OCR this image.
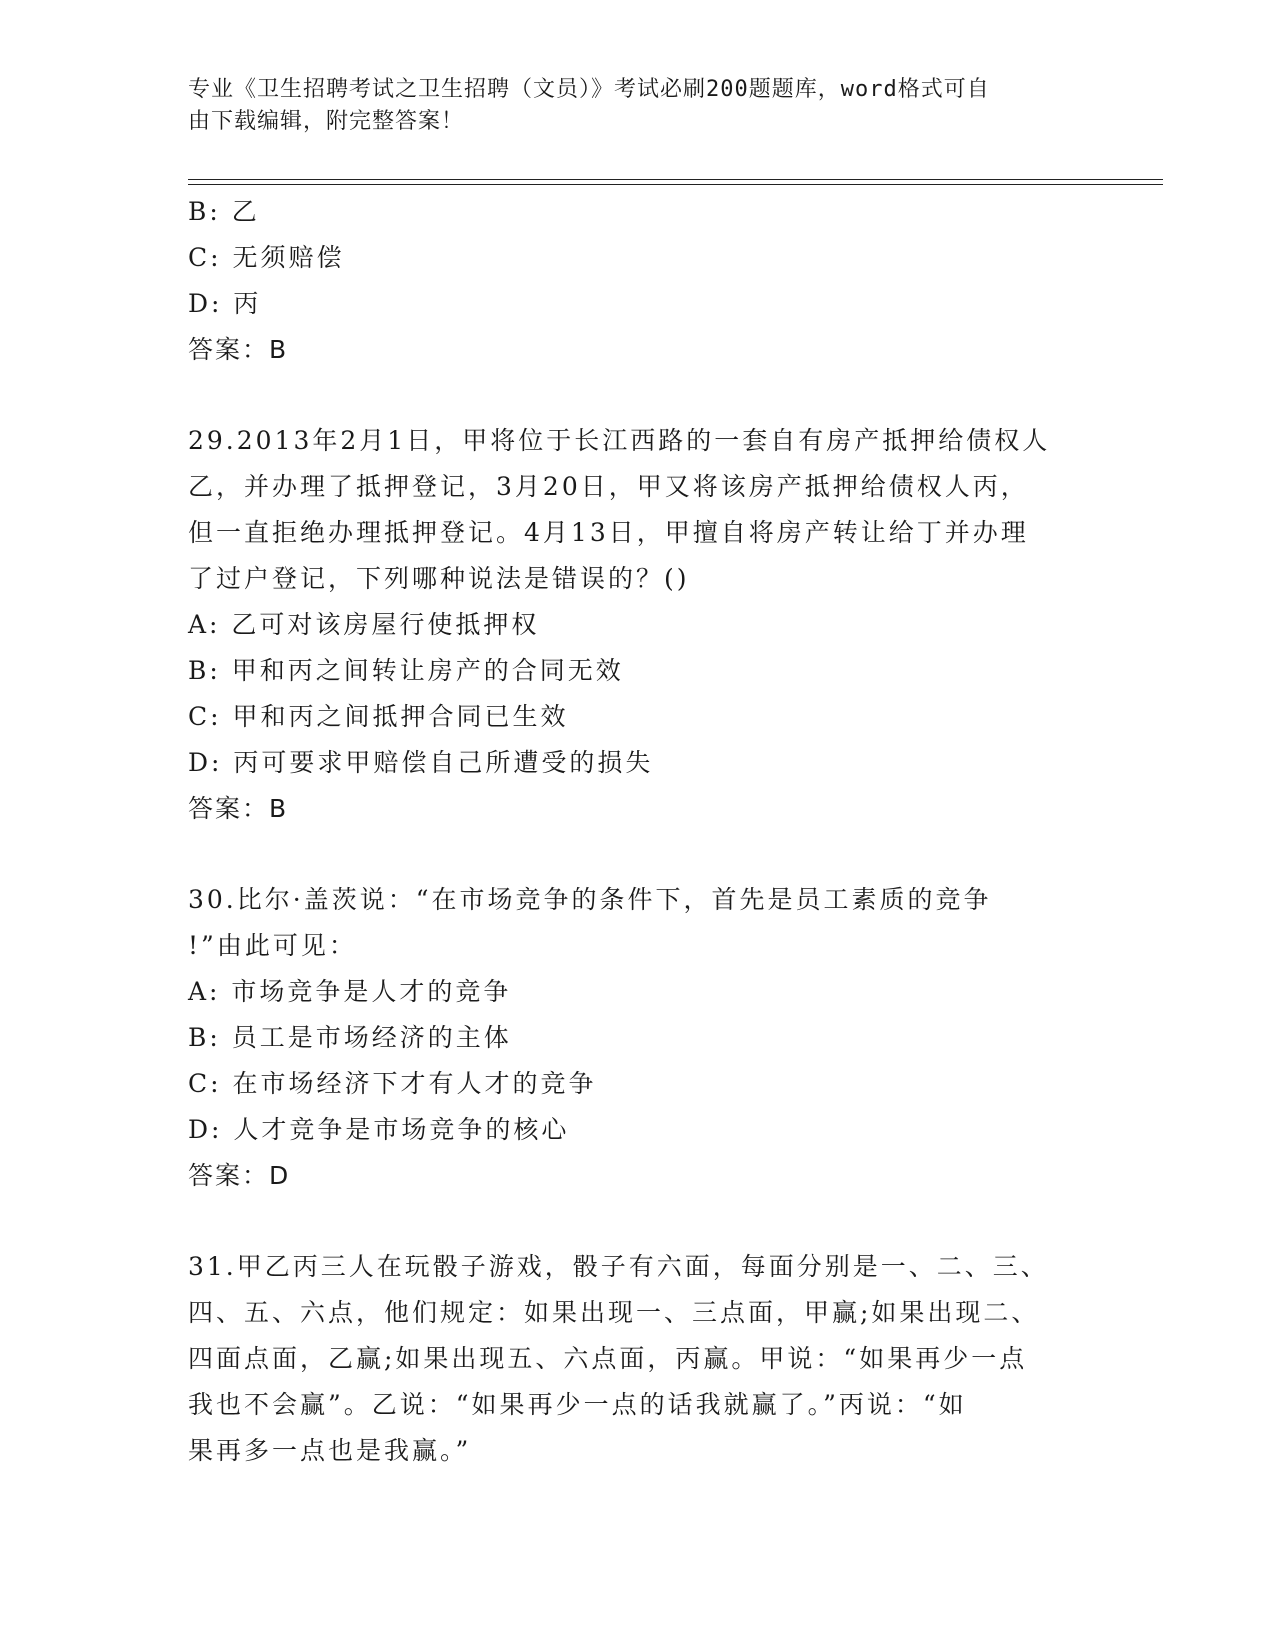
专业《卫生招聘考试之卫生招聘（文员）》考试必刷200题题库，word格式可自
由下载编辑，附完整答案！
B: 乙
C: 无须赔偿
D: 丙
答案：B
29.2013年2月1日，甲将位于长江西路的一套自有房产抵押给债权人
乙，并办理了抵押登记，3月20日，甲又将该房产抵押给债权人丙，
但一直拒绝办理抵押登记。4月13日，甲擅自将房产转让给丁并办理
了过户登记，下列哪种说法是错误的？()
A: 乙可对该房屋行使抵押权
B: 甲和丙之间转让房产的合同无效
C: 甲和丙之间抵押合同已生效
D: 丙可要求甲赔偿自己所遭受的损失
答案：B
30.比尔·盖茨说：“在市场竞争的条件下，首先是员工素质的竞争
!”由此可见：
A: 市场竞争是人才的竞争
B: 员工是市场经济的主体
C: 在市场经济下才有人才的竞争
D: 人才竞争是市场竞争的核心
答案：D
31.甲乙丙三人在玩骰子游戏，骰子有六面，每面分别是一、二、三、
四、五、六点，他们规定：如果出现一、三点面，甲赢;如果出现二、
四面点面，乙赢;如果出现五、六点面，丙赢。甲说：“如果再少一点
我也不会赢”。乙说：“如果再少一点的话我就赢了。”丙说：“如
果再多一点也是我赢。”
